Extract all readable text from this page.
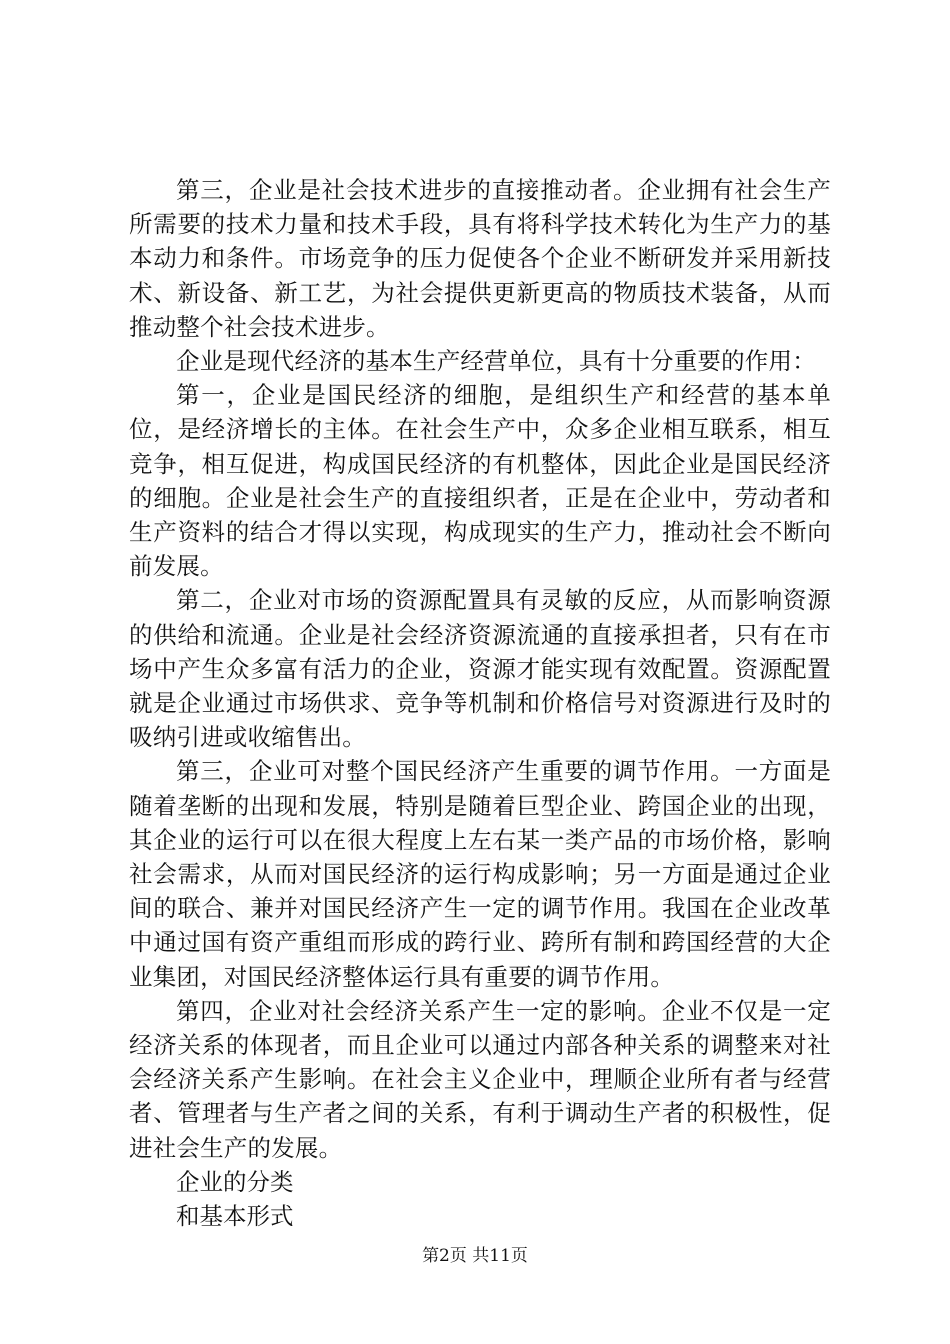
第三，企业是社会技术进步的直接推动者。企业拥有社会生产所需要的技术力量和技术手段，具有将科学技术转化为生产力的基本动力和条件。市场竞争的压力促使各个企业不断研发并采用新技术、新设备、新工艺，为社会提供更新更高的物质技术装备，从而推动整个社会技术进步。

企业是现代经济的基本生产经营单位，具有十分重要的作用：

第一，企业是国民经济的细胞，是组织生产和经营的基本单位，是经济增长的主体。在社会生产中，众多企业相互联系，相互竞争，相互促进，构成国民经济的有机整体，因此企业是国民经济的细胞。企业是社会生产的直接组织者，正是在企业中，劳动者和生产资料的结合才得以实现，构成现实的生产力，推动社会不断向前发展。

第二，企业对市场的资源配置具有灵敏的反应，从而影响资源的供给和流通。企业是社会经济资源流通的直接承担者，只有在市场中产生众多富有活力的企业，资源才能实现有效配置。资源配置就是企业通过市场供求、竞争等机制和价格信号对资源进行及时的吸纳引进或收缩售出。

第三，企业可对整个国民经济产生重要的调节作用。一方面是随着垄断的出现和发展，特别是随着巨型企业、跨国企业的出现，其企业的运行可以在很大程度上左右某一类产品的市场价格，影响社会需求，从而对国民经济的运行构成影响；另一方面是通过企业间的联合、兼并对国民经济产生一定的调节作用。我国在企业改革中通过国有资产重组而形成的跨行业、跨所有制和跨国经营的大企业集团，对国民经济整体运行具有重要的调节作用。

第四，企业对社会经济关系产生一定的影响。企业不仅是一定经济关系的体现者，而且企业可以通过内部各种关系的调整来对社会经济关系产生影响。在社会主义企业中，理顺企业所有者与经营者、管理者与生产者之间的关系，有利于调动生产者的积极性，促进社会生产的发展。

企业的分类

和基本形式

第2页 共11页
